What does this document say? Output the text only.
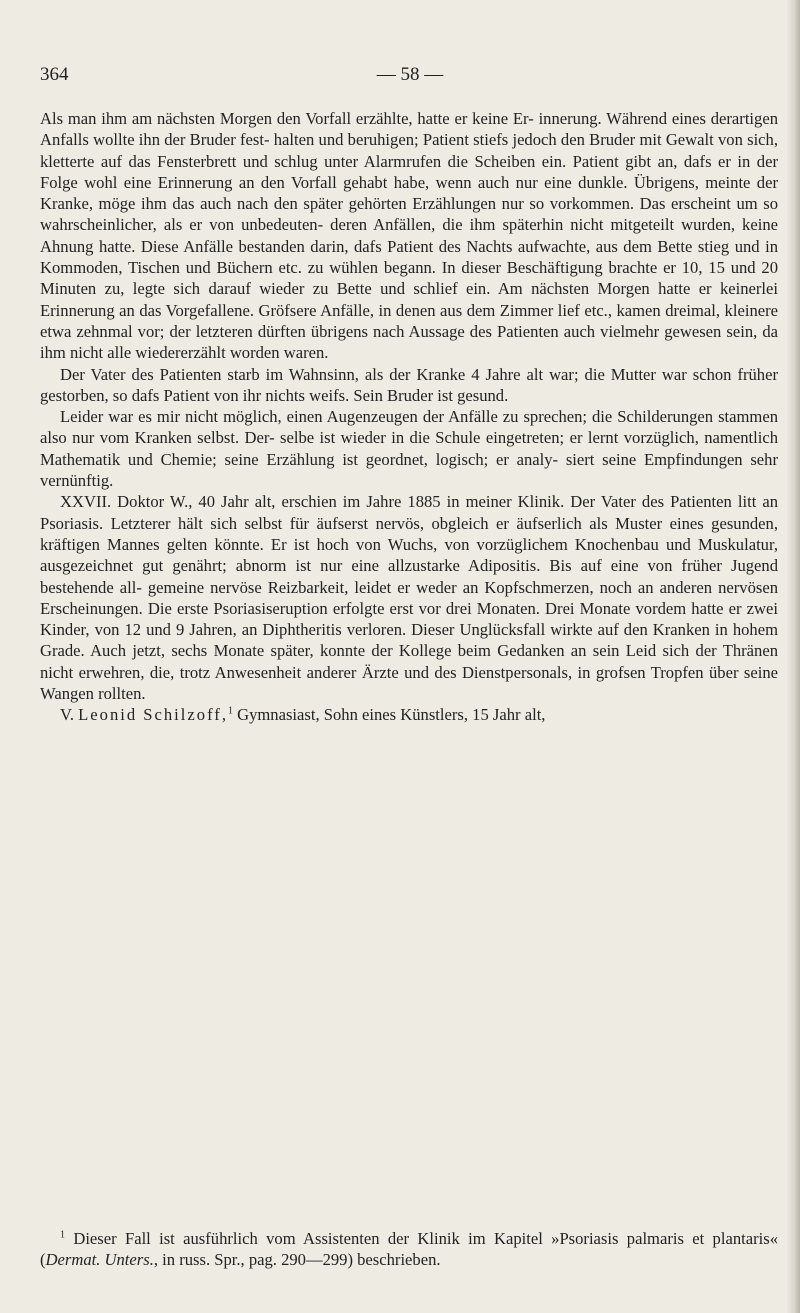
364	— 58 —

Als man ihm am nächsten Morgen den Vorfall erzählte, hatte er keine Er- innerung. Während eines derartigen Anfalls wollte ihn der Bruder fest- halten und beruhigen; Patient stiefs jedoch den Bruder mit Gewalt von sich, kletterte auf das Fensterbrett und schlug unter Alarmrufen die Scheiben ein. Patient gibt an, dafs er in der Folge wohl eine Erinnerung an den Vorfall gehabt habe, wenn auch nur eine dunkle. Übrigens, meinte der Kranke, möge ihm das auch nach den später gehörten Erzählungen nur so vorkommen. Das erscheint um so wahrscheinlicher, als er von unbedeuten- deren Anfällen, die ihm späterhin nicht mitgeteilt wurden, keine Ahnung hatte. Diese Anfälle bestanden darin, dafs Patient des Nachts aufwachte, aus dem Bette stieg und in Kommoden, Tischen und Büchern etc. zu wühlen begann. In dieser Beschäftigung brachte er 10, 15 und 20 Minuten zu, legte sich darauf wieder zu Bette und schlief ein. Am nächsten Morgen hatte er keinerlei Erinnerung an das Vorgefallene. Gröfsere Anfälle, in denen aus dem Zimmer lief etc., kamen dreimal, kleinere etwa zehnmal vor; der letzteren dürften übrigens nach Aussage des Patienten auch vielmehr gewesen sein, da ihm nicht alle wiedererzählt worden waren.

Der Vater des Patienten starb im Wahnsinn, als der Kranke 4 Jahre alt war; die Mutter war schon früher gestorben, so dafs Patient von ihr nichts weifs. Sein Bruder ist gesund.

Leider war es mir nicht möglich, einen Augenzeugen der Anfälle zu sprechen; die Schilderungen stammen also nur vom Kranken selbst. Der- selbe ist wieder in die Schule eingetreten; er lernt vorzüglich, namentlich Mathematik und Chemie; seine Erzählung ist geordnet, logisch; er analy- siert seine Empfindungen sehr vernünftig.

XXVII. Doktor W., 40 Jahr alt, erschien im Jahre 1885 in meiner Klinik. Der Vater des Patienten litt an Psoriasis. Letzterer hält sich selbst für äufserst nervös, obgleich er äufserlich als Muster eines gesunden, kräftigen Mannes gelten könnte. Er ist hoch von Wuchs, von vorzüglichem Knochenbau und Muskulatur, ausgezeichnet gut genährt; abnorm ist nur eine allzustarke Adipositis. Bis auf eine von früher Jugend bestehende all- gemeine nervöse Reizbarkeit, leidet er weder an Kopfschmerzen, noch an anderen nervösen Erscheinungen. Die erste Psoriasiseruption erfolgte erst vor drei Monaten. Drei Monate vordem hatte er zwei Kinder, von 12 und 9 Jahren, an Diphtheritis verloren. Dieser Unglücksfall wirkte auf den Kranken in hohem Grade. Auch jetzt, sechs Monate später, konnte der Kollege beim Gedanken an sein Leid sich der Thränen nicht erwehren, die, trotz Anwesenheit anderer Ärzte und des Dienstpersonals, in grofsen Tropfen über seine Wangen rollten.

V. Leonid Schilzoff,$^1$ Gymnasiast, Sohn eines Künstlers, 15 Jahr alt,

$^1$ Dieser Fall ist ausführlich vom Assistenten der Klinik im Kapitel »Psoriasis palmaris et plantaris« (Dermat. Unters., in russ. Spr., pag. 290—299) beschrieben.
